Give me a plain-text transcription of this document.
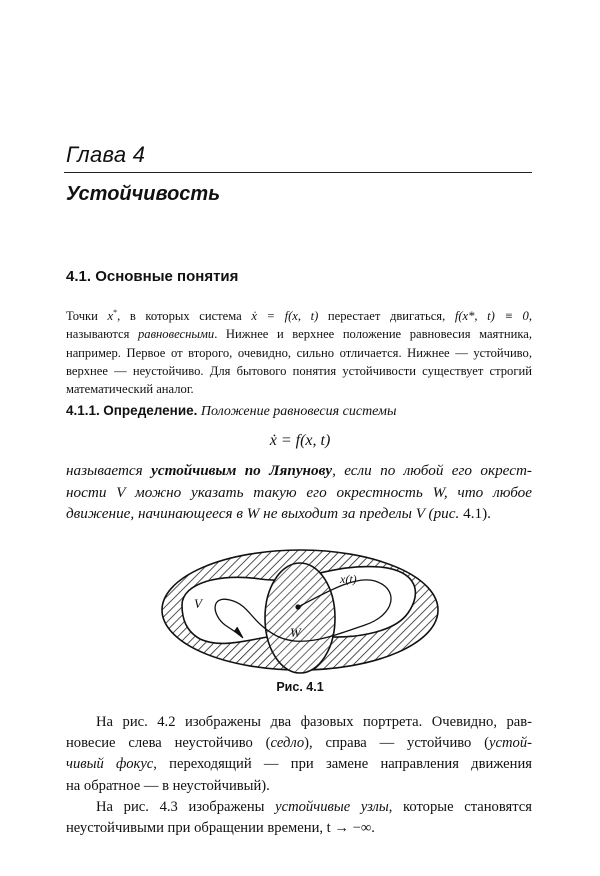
Глава 4
Устойчивость
4.1. Основные понятия
Точки x*, в которых система ẋ = f(x, t) перестает двигаться, f(x*, t) ≡ 0,
называются равновесными. Нижнее и верхнее положение равновесия маятника,
например. Первое от второго, очевидно, сильно отличается. Нижнее — устойчиво,
верхнее — неустойчиво. Для бытового понятия устойчивости существует строгий
математический аналог.
4.1.1. Определение. Положение равновесия системы
ẋ = f(x, t)
называется устойчивым по Ляпунову, если по любой его окрест-
ности V можно указать такую его окрестность W, что любое
движение, начинающееся в W не выходит за пределы V (рис. 4.1).
x(t)
V
W
Рис. 4.1
На рис. 4.2 изображены два фазовых портрета. Очевидно, рав-
новесие слева неустойчиво (седло), справа — устойчиво (устой-
чивый фокус, переходящий — при замене направления движения
на обратное — в неустойчивый).
На рис. 4.3 изображены устойчивые узлы, которые становятся
неустойчивыми при обращении времени, t → −∞.
